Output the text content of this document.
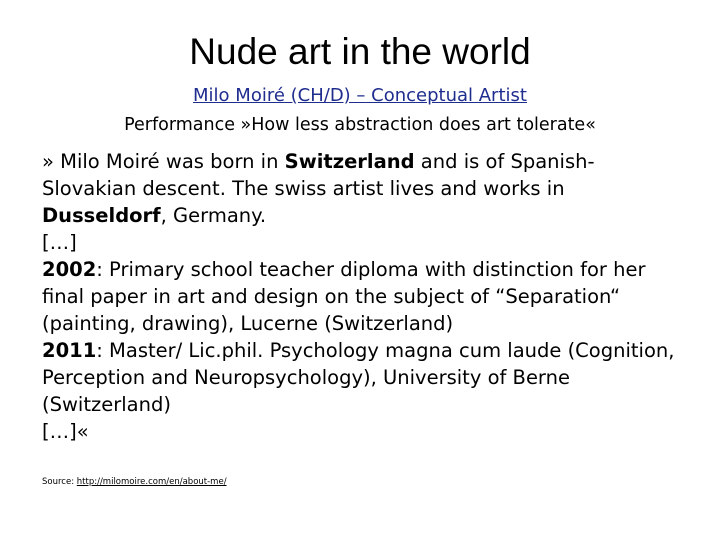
Nude art in the world
Milo Moiré (CH/D) – Conceptual Artist
Performance »How less abstraction does art tolerate«

» Milo Moiré was born in Switzerland and is of Spanish-Slovakian descent. The swiss artist lives and works in Dusseldorf, Germany.

[…]

2002: Primary school teacher diploma with distinction for her final paper in art and design on the subject of “Separation“ (painting, drawing), Lucerne (Switzerland)

2011: Master/ Lic.phil. Psychology magna cum laude (Cognition, Perception and Neuropsychology), University of Berne (Switzerland)

[…]«

Source: http://milomoire.com/en/about-me/
